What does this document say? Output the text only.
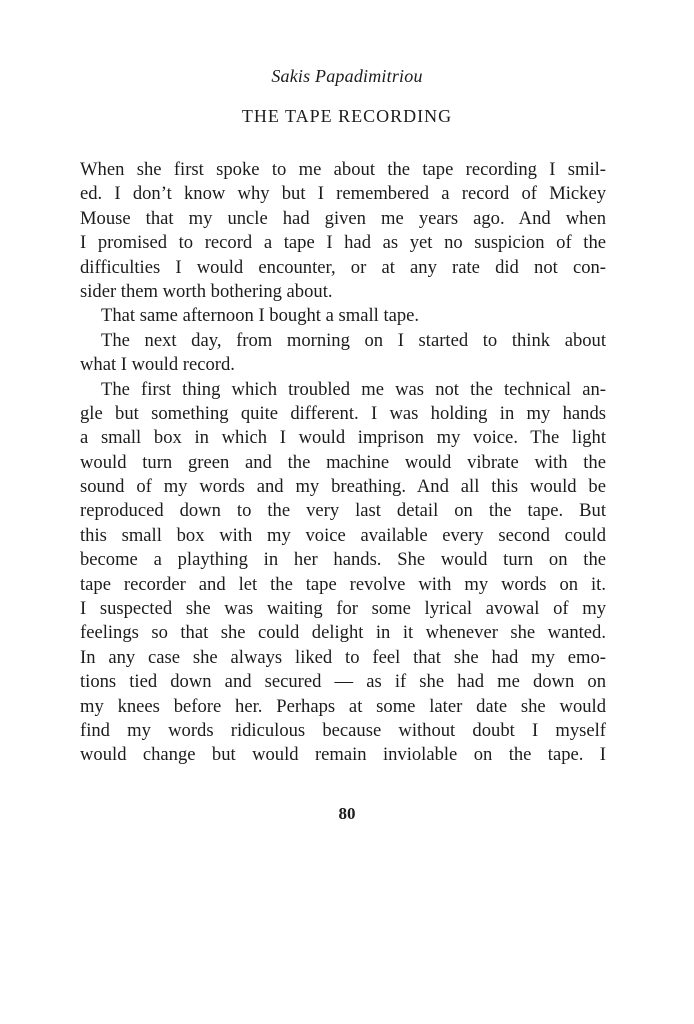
Sakis Papadimitriou
THE TAPE RECORDING
When she first spoke to me about the tape recording I smil-
ed. I don’t know why but I remembered a record of Mickey
Mouse that my uncle had given me years ago. And when
I promised to record a tape I had as yet no suspicion of the
difficulties I would encounter, or at any rate did not con-
sider them worth bothering about.
That same afternoon I bought a small tape.
The next day, from morning on I started to think about
what I would record.
The first thing which troubled me was not the technical an-
gle but something quite different. I was holding in my hands
a small box in which I would imprison my voice. The light
would turn green and the machine would vibrate with the
sound of my words and my breathing. And all this would be
reproduced down to the very last detail on the tape. But
this small box with my voice available every second could
become a plaything in her hands. She would turn on the
tape recorder and let the tape revolve with my words on it.
I suspected she was waiting for some lyrical avowal of my
feelings so that she could delight in it whenever she wanted.
In any case she always liked to feel that she had my emo-
tions tied down and secured — as if she had me down on
my knees before her. Perhaps at some later date she would
find my words ridiculous because without doubt I myself
would change but would remain inviolable on the tape. I
80
